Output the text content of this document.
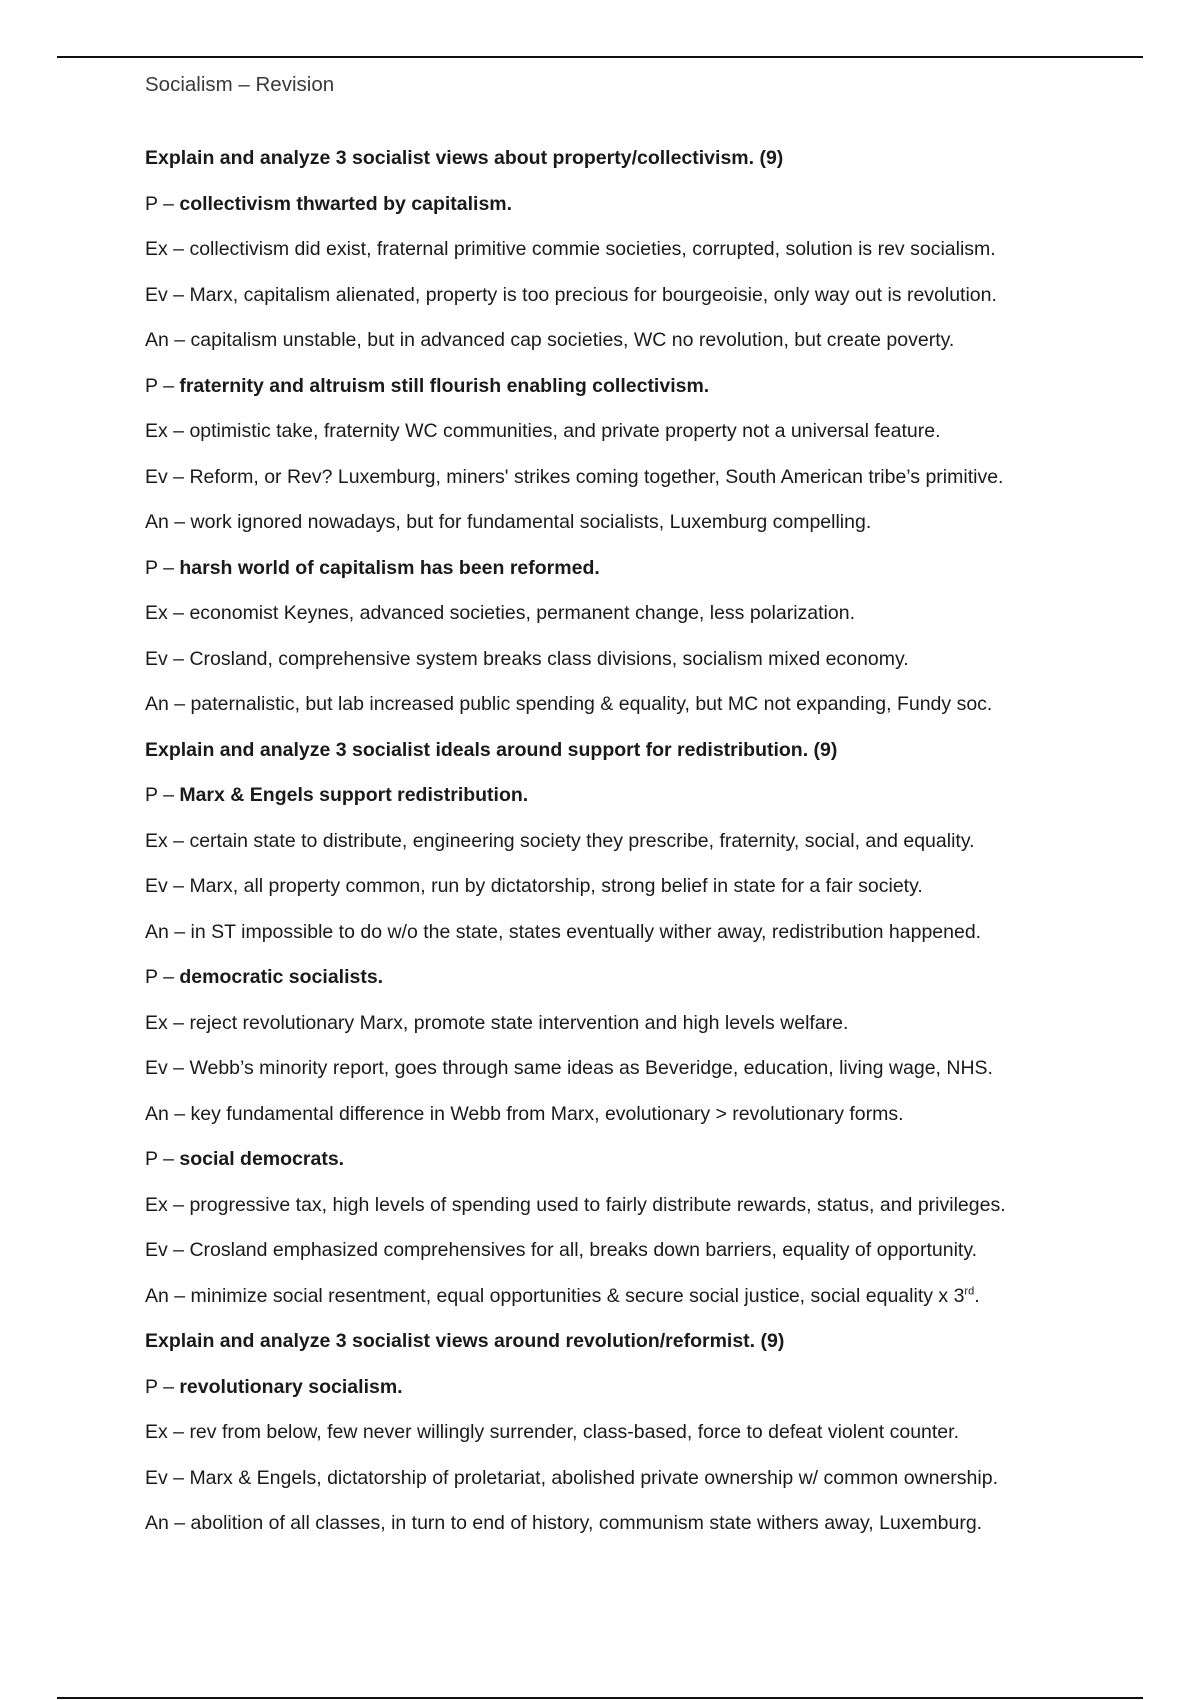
Socialism – Revision
Explain and analyze 3 socialist views about property/collectivism. (9)
P – collectivism thwarted by capitalism.
Ex – collectivism did exist, fraternal primitive commie societies, corrupted, solution is rev socialism.
Ev – Marx, capitalism alienated, property is too precious for bourgeoisie, only way out is revolution.
An – capitalism unstable, but in advanced cap societies, WC no revolution, but create poverty.
P – fraternity and altruism still flourish enabling collectivism.
Ex – optimistic take, fraternity WC communities, and private property not a universal feature.
Ev – Reform, or Rev? Luxemburg, miners' strikes coming together, South American tribe’s primitive.
An – work ignored nowadays, but for fundamental socialists, Luxemburg compelling.
P – harsh world of capitalism has been reformed.
Ex – economist Keynes, advanced societies, permanent change, less polarization.
Ev – Crosland, comprehensive system breaks class divisions, socialism mixed economy.
An – paternalistic, but lab increased public spending & equality, but MC not expanding, Fundy soc.
Explain and analyze 3 socialist ideals around support for redistribution. (9)
P – Marx & Engels support redistribution.
Ex – certain state to distribute, engineering society they prescribe, fraternity, social, and equality.
Ev – Marx, all property common, run by dictatorship, strong belief in state for a fair society.
An – in ST impossible to do w/o the state, states eventually wither away, redistribution happened.
P – democratic socialists.
Ex – reject revolutionary Marx, promote state intervention and high levels welfare.
Ev – Webb’s minority report, goes through same ideas as Beveridge, education, living wage, NHS.
An – key fundamental difference in Webb from Marx, evolutionary > revolutionary forms.
P – social democrats.
Ex – progressive tax, high levels of spending used to fairly distribute rewards, status, and privileges.
Ev – Crosland emphasized comprehensives for all, breaks down barriers, equality of opportunity.
An – minimize social resentment, equal opportunities & secure social justice, social equality x 3rd.
Explain and analyze 3 socialist views around revolution/reformist. (9)
P – revolutionary socialism.
Ex – rev from below, few never willingly surrender, class-based, force to defeat violent counter.
Ev – Marx & Engels, dictatorship of proletariat, abolished private ownership w/ common ownership.
An – abolition of all classes, in turn to end of history, communism state withers away, Luxemburg.
